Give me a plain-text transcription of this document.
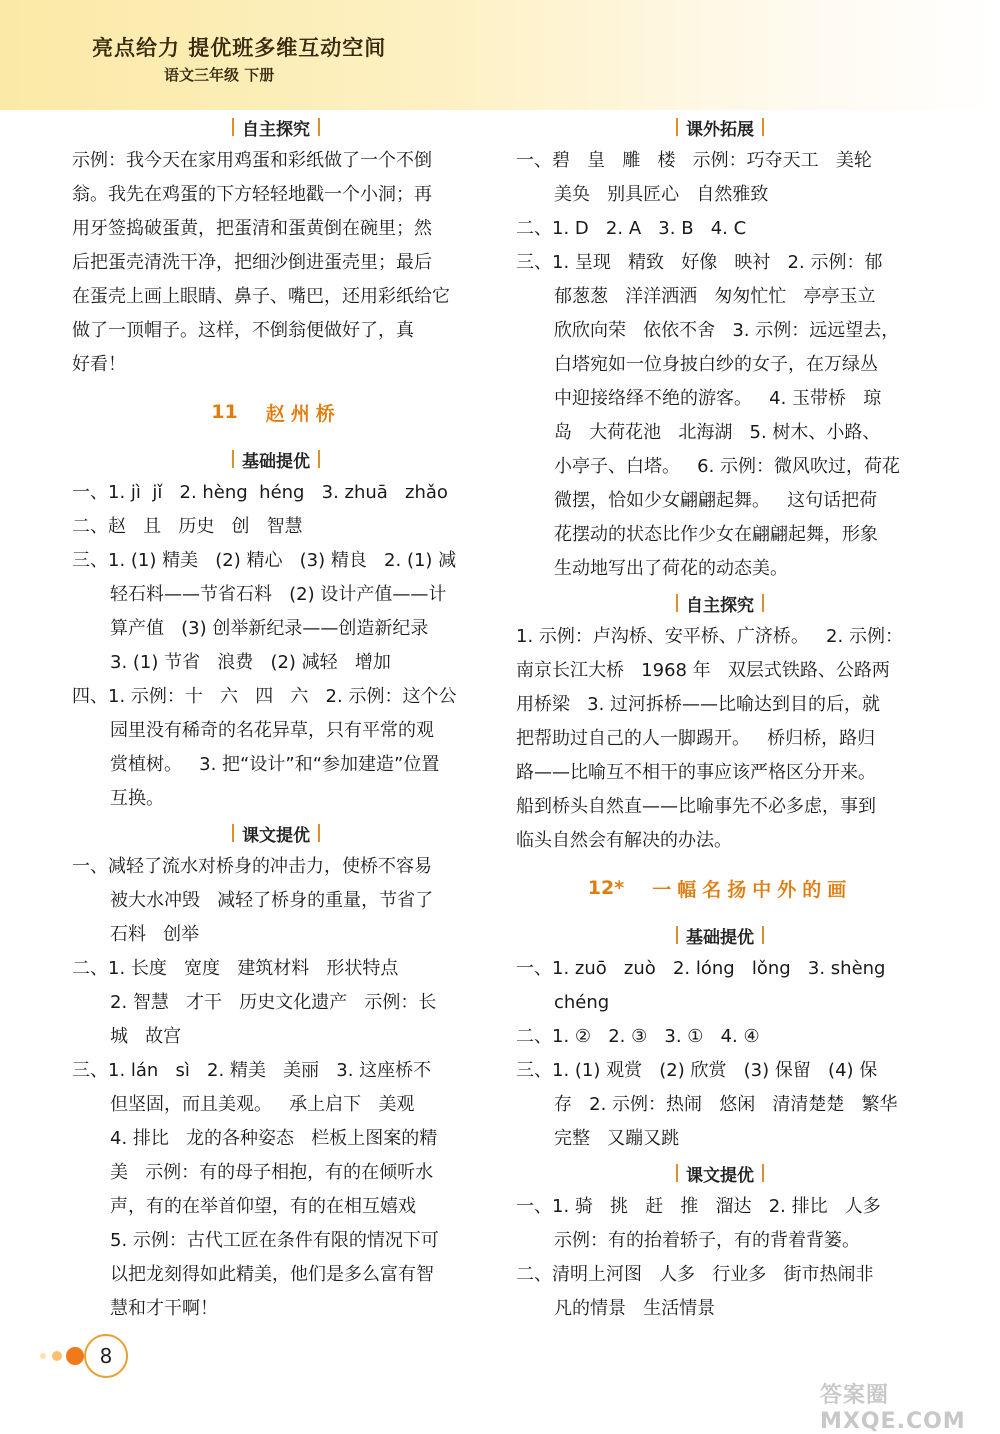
亮点给力 提优班多维互动空间
语文三年级 下册
自主探究
示例：我今天在家用鸡蛋和彩纸做了一个不倒
翁。我先在鸡蛋的下方轻轻地戳一个小洞；再
用牙签捣破蛋黄，把蛋清和蛋黄倒在碗里；然
后把蛋壳清洗干净，把细沙倒进蛋壳里；最后
在蛋壳上画上眼睛、鼻子、嘴巴，还用彩纸给它
做了一顶帽子。这样，不倒翁便做好了，真
好看！
11 赵州桥
基础提优
一、1. jì  jǐ   2. hèng  héng   3. zhuā   zhǎo
二、赵   且   历史   创   智慧
三、1. (1) 精美   (2) 精心   (3) 精良   2. (1) 减
轻石料——节省石料   (2) 设计产值——计
算产值   (3) 创举新纪录——创造新纪录
3. (1) 节省   浪费   (2) 减轻   增加
四、1. 示例：十   六   四   六   2. 示例：这个公
园里没有稀奇的名花异草，只有平常的观
赏植树。   3. 把“设计”和“参加建造”位置
互换。
课文提优
一、减轻了流水对桥身的冲击力，使桥不容易
被大水冲毁   减轻了桥身的重量，节省了
石料   创举
二、1. 长度   宽度   建筑材料   形状特点
2. 智慧   才干   历史文化遗产   示例：长
城   故宫
三、1. lán   sì   2. 精美   美丽   3. 这座桥不
但坚固，而且美观。   承上启下   美观
4. 排比   龙的各种姿态   栏板上图案的精
美   示例：有的母子相抱，有的在倾听水
声，有的在举首仰望，有的在相互嬉戏
5. 示例：古代工匠在条件有限的情况下可
以把龙刻得如此精美，他们是多么富有智
慧和才干啊！
课外拓展
一、碧   皇   雕   楼   示例：巧夺天工   美轮
美奂   别具匠心   自然雅致
二、1. D   2. A   3. B   4. C
三、1. 呈现   精致   好像   映衬   2. 示例：郁
郁葱葱   洋洋洒洒   匆匆忙忙   亭亭玉立
欣欣向荣   依依不舍   3. 示例：远远望去，
白塔宛如一位身披白纱的女子，在万绿丛
中迎接络绎不绝的游客。   4. 玉带桥   琼
岛   大荷花池   北海湖   5. 树木、小路、
小亭子、白塔。   6. 示例：微风吹过，荷花
微摆，恰如少女翩翩起舞。   这句话把荷
花摆动的状态比作少女在翩翩起舞，形象
生动地写出了荷花的动态美。
自主探究
1. 示例：卢沟桥、安平桥、广济桥。   2. 示例：
南京长江大桥   1968 年   双层式铁路、公路两
用桥梁   3. 过河拆桥——比喻达到目的后，就
把帮助过自己的人一脚踢开。   桥归桥，路归
路——比喻互不相干的事应该严格区分开来。
船到桥头自然直——比喻事先不必多虑，事到
临头自然会有解决的办法。
12* 一幅名扬中外的画
基础提优
一、1. zuō   zuò   2. lóng   lǒng   3. shèng
chéng
二、1. ②   2. ③   3. ①   4. ④
三、1. (1) 观赏   (2) 欣赏   (3) 保留   (4) 保
存   2. 示例：热闹   悠闲   清清楚楚   繁华
完整   又蹦又跳
课文提优
一、1. 骑   挑   赶   推   溜达   2. 排比   人多
示例：有的抬着轿子，有的背着背篓。
二、清明上河图   人多   行业多   街市热闹非
凡的情景   生活情景
8
答案圈 MXQE.COM
